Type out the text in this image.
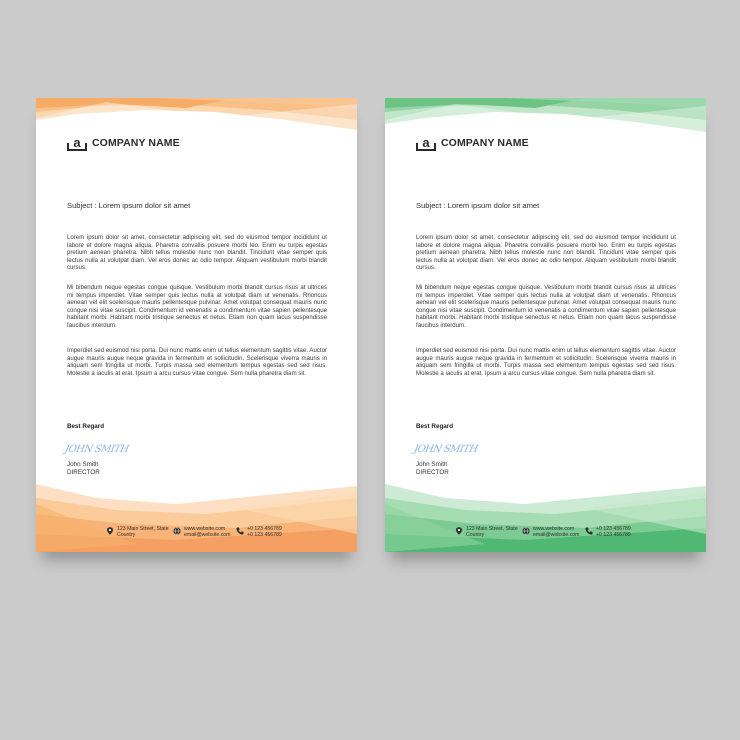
a COMPANY NAME
Subject : Lorem ipsum dolor sit amet

Lorem ipsum dolor sit amet, consectetur adipiscing elit, sed do eiusmod tempor incididunt ut labore et dolore magna aliqua. Pharetra convallis posuere morbi leo. Enim eu turpis egestas pretium aenean pharetra. Nibh tellus molestie nunc non blandit. Tincidunt vitae semper quis lectus nulla at volutpat diam. Vel eros donec ac odio tempor. Aliquam vestibulum morbi blandit cursus.

Mi bibendum neque egestas congue quisque. Vestibulum morbi blandit cursus risus at ultrices mi tempus imperdiet. Vitae semper quis lectus nulla at volutpat diam ut venenatis. Rhoncus aenean vel elit scelerisque mauris pellentesque pulvinar. Amet volutpat consequat mauris nunc congue nisi vitae suscipit. Condimentum id venenatis a condimentum vitae sapien pellentesque habitant morbi. Habitant morbi tristique senectus et netus. Etiam non quam lacus suspendisse faucibus interdum.

Imperdiet sed euismod nisi porta. Dui nunc mattis enim ut tellus elementum sagittis vitae. Auctor augue mauris augue neque gravida in fermentum et sollicitudin. Scelerisque viverra mauris in aliquam sem fringilla ut morbi. Turpis massa sed elementum tempus egestas sed sed risus. Molestie a iaculis at erat. Ipsum a arcu cursus vitae congue. Sem nulla pharetra diam sit.

Best Regard
JOHN SMITH
John Smith
DIRECTOR
123 Main Street, State
Country
www.website.com
email@website.com
+0 123 456789
+0 123 456789
a COMPANY NAME
Subject : Lorem ipsum dolor sit amet

Lorem ipsum dolor sit amet, consectetur adipiscing elit, sed do eiusmod tempor incididunt ut labore et dolore magna aliqua. Pharetra convallis posuere morbi leo. Enim eu turpis egestas pretium aenean pharetra. Nibh tellus molestie nunc non blandit. Tincidunt vitae semper quis lectus nulla at volutpat diam. Vel eros donec ac odio tempor. Aliquam vestibulum morbi blandit cursus.

Mi bibendum neque egestas congue quisque. Vestibulum morbi blandit cursus risus at ultrices mi tempus imperdiet. Vitae semper quis lectus nulla at volutpat diam ut venenatis. Rhoncus aenean vel elit scelerisque mauris pellentesque pulvinar. Amet volutpat consequat mauris nunc congue nisi vitae suscipit. Condimentum id venenatis a condimentum vitae sapien pellentesque habitant morbi. Habitant morbi tristique senectus et netus. Etiam non quam lacus suspendisse faucibus interdum.

Imperdiet sed euismod nisi porta. Dui nunc mattis enim ut tellus elementum sagittis vitae. Auctor augue mauris augue neque gravida in fermentum et sollicitudin. Scelerisque viverra mauris in aliquam sem fringilla ut morbi. Turpis massa sed elementum tempus egestas sed sed risus. Molestie a iaculis at erat. Ipsum a arcu cursus vitae congue. Sem nulla pharetra diam sit.

Best Regard
JOHN SMITH
John Smith
DIRECTOR
123 Main Street, State
Country
www.website.com
email@website.com
+0 123 456789
+0 123 456789
